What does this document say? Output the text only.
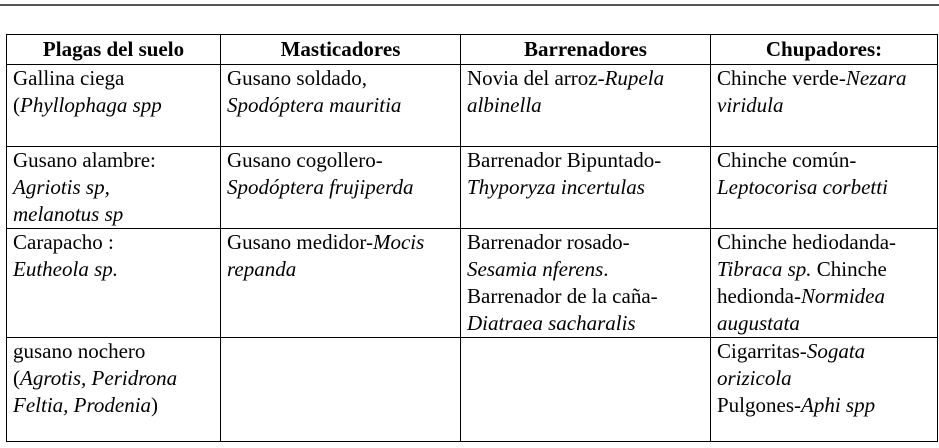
Plagas del suelo	Masticadores	Barrenadores	Chupadores:

Gallina ciega
(Phyllophaga spp	Gusano soldado,
Spodóptera mauritia	Novia del arroz-Rupela
albinella	Chinche verde-Nezara
viridula

Gusano alambre:
Agriotis sp,
melanotus sp	Gusano cogollero-
Spodóptera frujiperda	Barrenador Bipuntado-
Thyporyza incertulas	Chinche común-
Leptocorisa corbetti

Carapacho :
Eutheola sp.	Gusano medidor-Mocis
repanda	Barrenador rosado-
Sesamia nferens.
Barrenador de la caña-
Diatraea sacharalis	Chinche hediodanda-
Tibraca sp. Chinche
hedionda-Normidea
augustata

gusano nochero
(Agrotis, Peridrona
Feltia, Prodenia)			Cigarritas-Sogata
orizicola
Pulgones-Aphi spp
